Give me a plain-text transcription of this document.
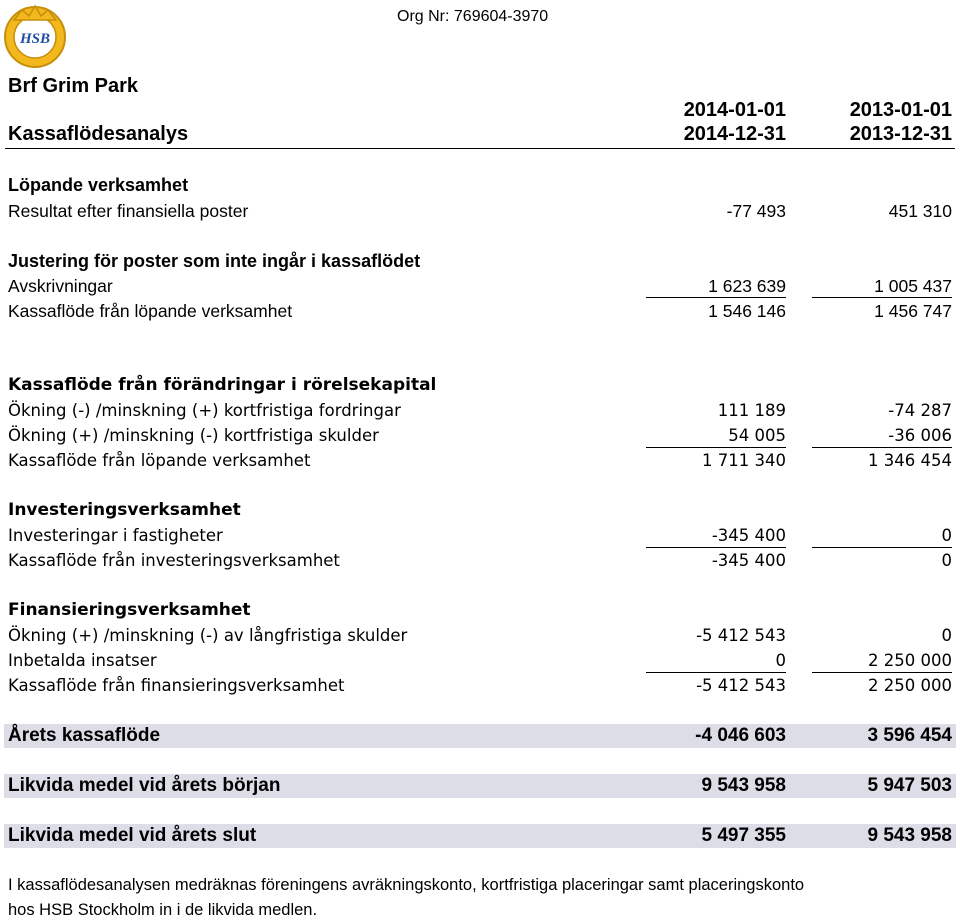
HSB
Org Nr: 769604-3970
Brf Grim Park
Kassaflödesanalys
2014-01-01
2014-12-31
2013-01-01
2013-12-31
Löpande verksamhet
Resultat efter finansiella poster	-77 493	451 310
Justering för poster som inte ingår i kassaflödet
Avskrivningar	1 623 639	1 005 437
Kassaflöde från löpande verksamhet	1 546 146	1 456 747
Kassaflöde från förändringar i rörelsekapital
Ökning (-) /minskning (+) kortfristiga fordringar	111 189	-74 287
Ökning (+) /minskning (-) kortfristiga skulder	54 005	-36 006
Kassaflöde från löpande verksamhet	1 711 340	1 346 454
Investeringsverksamhet
Investeringar i fastigheter	-345 400	0
Kassaflöde från investeringsverksamhet	-345 400	0
Finansieringsverksamhet
Ökning (+) /minskning (-) av långfristiga skulder	-5 412 543	0
Inbetalda insatser	0	2 250 000
Kassaflöde från finansieringsverksamhet	-5 412 543	2 250 000
Årets kassaflöde	-4 046 603	3 596 454
Likvida medel vid årets början	9 543 958	5 947 503
Likvida medel vid årets slut	5 497 355	9 543 958
I kassaflödesanalysen medräknas föreningens avräkningskonto, kortfristiga placeringar samt placeringskonto
hos HSB Stockholm in i de likvida medlen.
